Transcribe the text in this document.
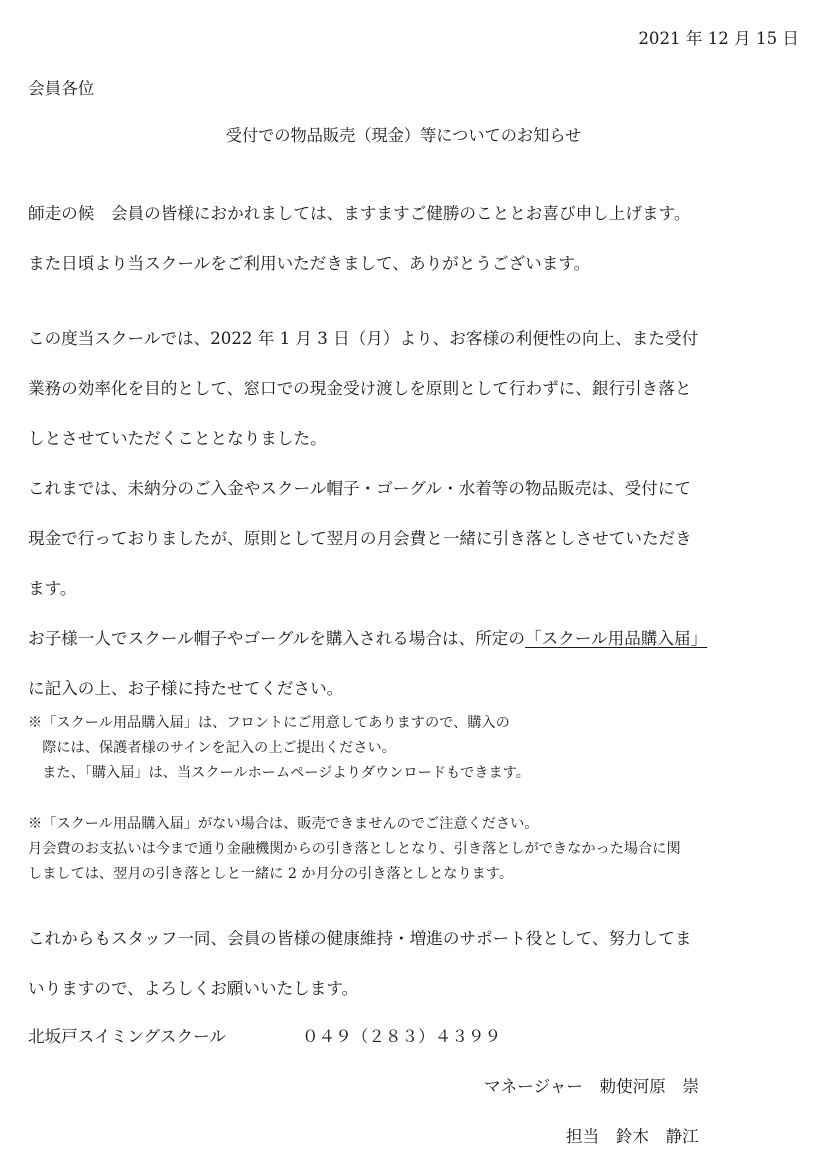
2021 年 12 月 15 日
会員各位
受付での物品販売（現金）等についてのお知らせ
師走の候　会員の皆様におかれましては、ますますご健勝のこととお喜び申し上げます。
また日頃より当スクールをご利用いただきまして、ありがとうございます。
この度当スクールでは、2022 年 1 月 3 日（月）より、お客様の利便性の向上、また受付
業務の効率化を目的として、窓口での現金受け渡しを原則として行わずに、銀行引き落と
しとさせていただくこととなりました。
これまでは、未納分のご入金やスクール帽子・ゴーグル・水着等の物品販売は、受付にて
現金で行っておりましたが、原則として翌月の月会費と一緒に引き落としさせていただき
ます。
お子様一人でスクール帽子やゴーグルを購入される場合は、所定の「スクール用品購入届」
に記入の上、お子様に持たせてください。
※「スクール用品購入届」は、フロントにご用意してありますので、購入の
　際には、保護者様のサインを記入の上ご提出ください。
　また、「購入届」は、当スクールホームページよりダウンロードもできます。
※「スクール用品購入届」がない場合は、販売できませんのでご注意ください。
月会費のお支払いは今まで通り金融機関からの引き落としとなり、引き落としができなかった場合に関
しましては、翌月の引き落としと一緒に 2 か月分の引き落としとなります。
これからもスタッフ一同、会員の皆様の健康維持・増進のサポート役として、努力してま
いりますので、よろしくお願いいたします。
北坂戸スイミングスクール	０４９（２８３）４３９９
マネージャー　勅使河原　崇
担当　鈴木　静江
